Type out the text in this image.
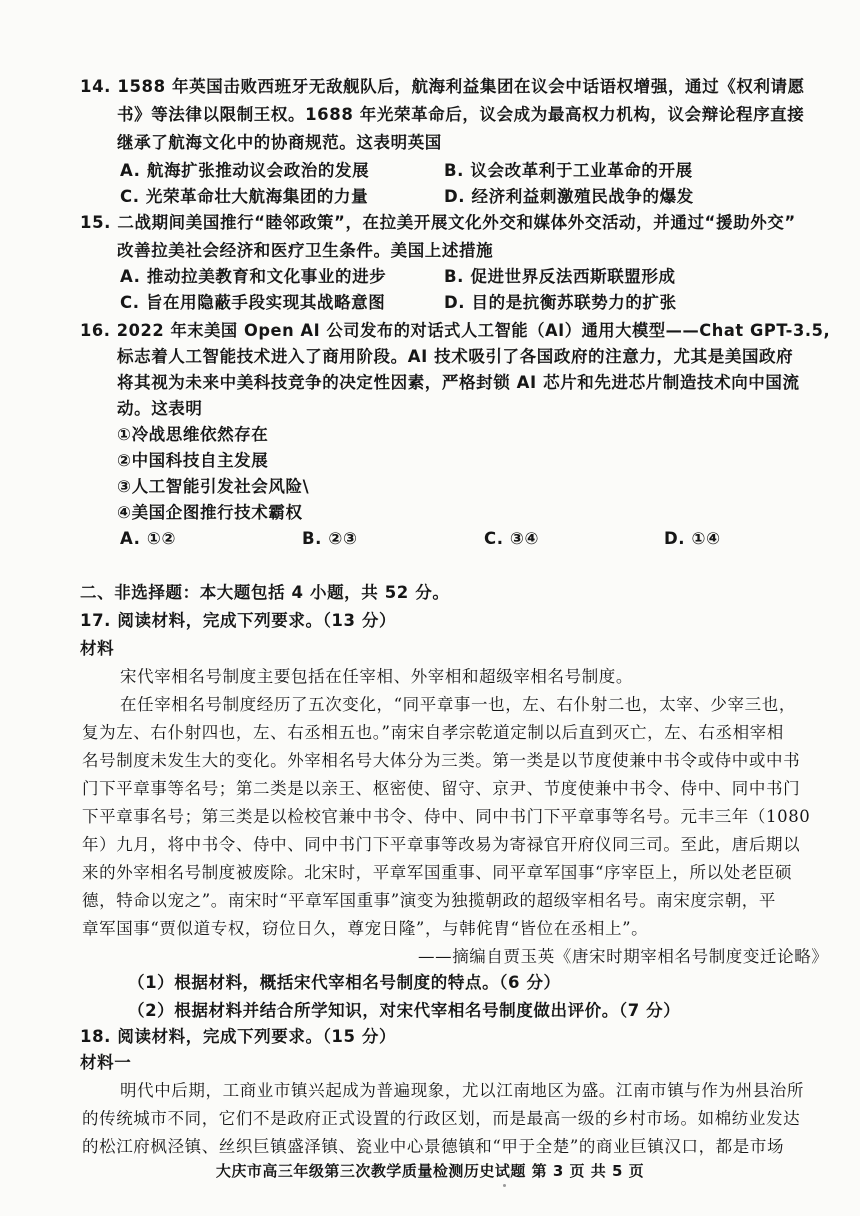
14. 1588 年英国击败西班牙无敌舰队后，航海利益集团在议会中话语权增强，通过《权利请愿
书》等法律以限制王权。1688 年光荣革命后，议会成为最高权力机构，议会辩论程序直接
继承了航海文化中的协商规范。这表明英国
A. 航海扩张推动议会政治的发展	B. 议会改革利于工业革命的开展
C. 光荣革命壮大航海集团的力量	D. 经济利益刺激殖民战争的爆发
15. 二战期间美国推行“睦邻政策”，在拉美开展文化外交和媒体外交活动，并通过“援助外交”
改善拉美社会经济和医疗卫生条件。美国上述措施
A. 推动拉美教育和文化事业的进步	B. 促进世界反法西斯联盟形成
C. 旨在用隐蔽手段实现其战略意图	D. 目的是抗衡苏联势力的扩张
16. 2022 年末美国 Open AI 公司发布的对话式人工智能（AI）通用大模型——Chat GPT-3.5,
标志着人工智能技术进入了商用阶段。AI 技术吸引了各国政府的注意力，尤其是美国政府
将其视为未来中美科技竞争的决定性因素，严格封锁 AI 芯片和先进芯片制造技术向中国流
动。这表明
①冷战思维依然存在
②中国科技自主发展
③人工智能引发社会风险\
④美国企图推行技术霸权
A. ①②	B. ②③	C. ③④	D. ①④
二、非选择题：本大题包括 4 小题，共 52 分。
17. 阅读材料，完成下列要求。（13 分）
材料
宋代宰相名号制度主要包括在任宰相、外宰相和超级宰相名号制度。
在任宰相名号制度经历了五次变化，“同平章事一也，左、右仆射二也，太宰、少宰三也，
复为左、右仆射四也，左、右丞相五也。”南宋自孝宗乾道定制以后直到灭亡，左、右丞相宰相
名号制度未发生大的变化。外宰相名号大体分为三类。第一类是以节度使兼中书令或侍中或中书
门下平章事等名号；第二类是以亲王、枢密使、留守、京尹、节度使兼中书令、侍中、同中书门
下平章事名号；第三类是以检校官兼中书令、侍中、同中书门下平章事等名号。元丰三年（1080
年）九月，将中书令、侍中、同中书门下平章事等改易为寄禄官开府仪同三司。至此，唐后期以
来的外宰相名号制度被废除。北宋时，平章军国重事、同平章军国事“序宰臣上，所以处老臣硕
德，特命以宠之”。南宋时“平章军国重事”演变为独揽朝政的超级宰相名号。南宋度宗朝，平
章军国事“贾似道专权，窃位日久，尊宠日隆”，与韩侂胄“皆位在丞相上”。
——摘编自贾玉英《唐宋时期宰相名号制度变迁论略》
（1）根据材料，概括宋代宰相名号制度的特点。（6 分）
（2）根据材料并结合所学知识，对宋代宰相名号制度做出评价。（7 分）
18. 阅读材料，完成下列要求。（15 分）
材料一
明代中后期，工商业市镇兴起成为普遍现象，尤以江南地区为盛。江南市镇与作为州县治所
的传统城市不同，它们不是政府正式设置的行政区划，而是最高一级的乡村市场。如棉纺业发达
的松江府枫泾镇、丝织巨镇盛泽镇、瓷业中心景德镇和“甲于全楚”的商业巨镇汉口，都是市场
大庆市高三年级第三次教学质量检测历史试题 第 3 页 共 5 页
